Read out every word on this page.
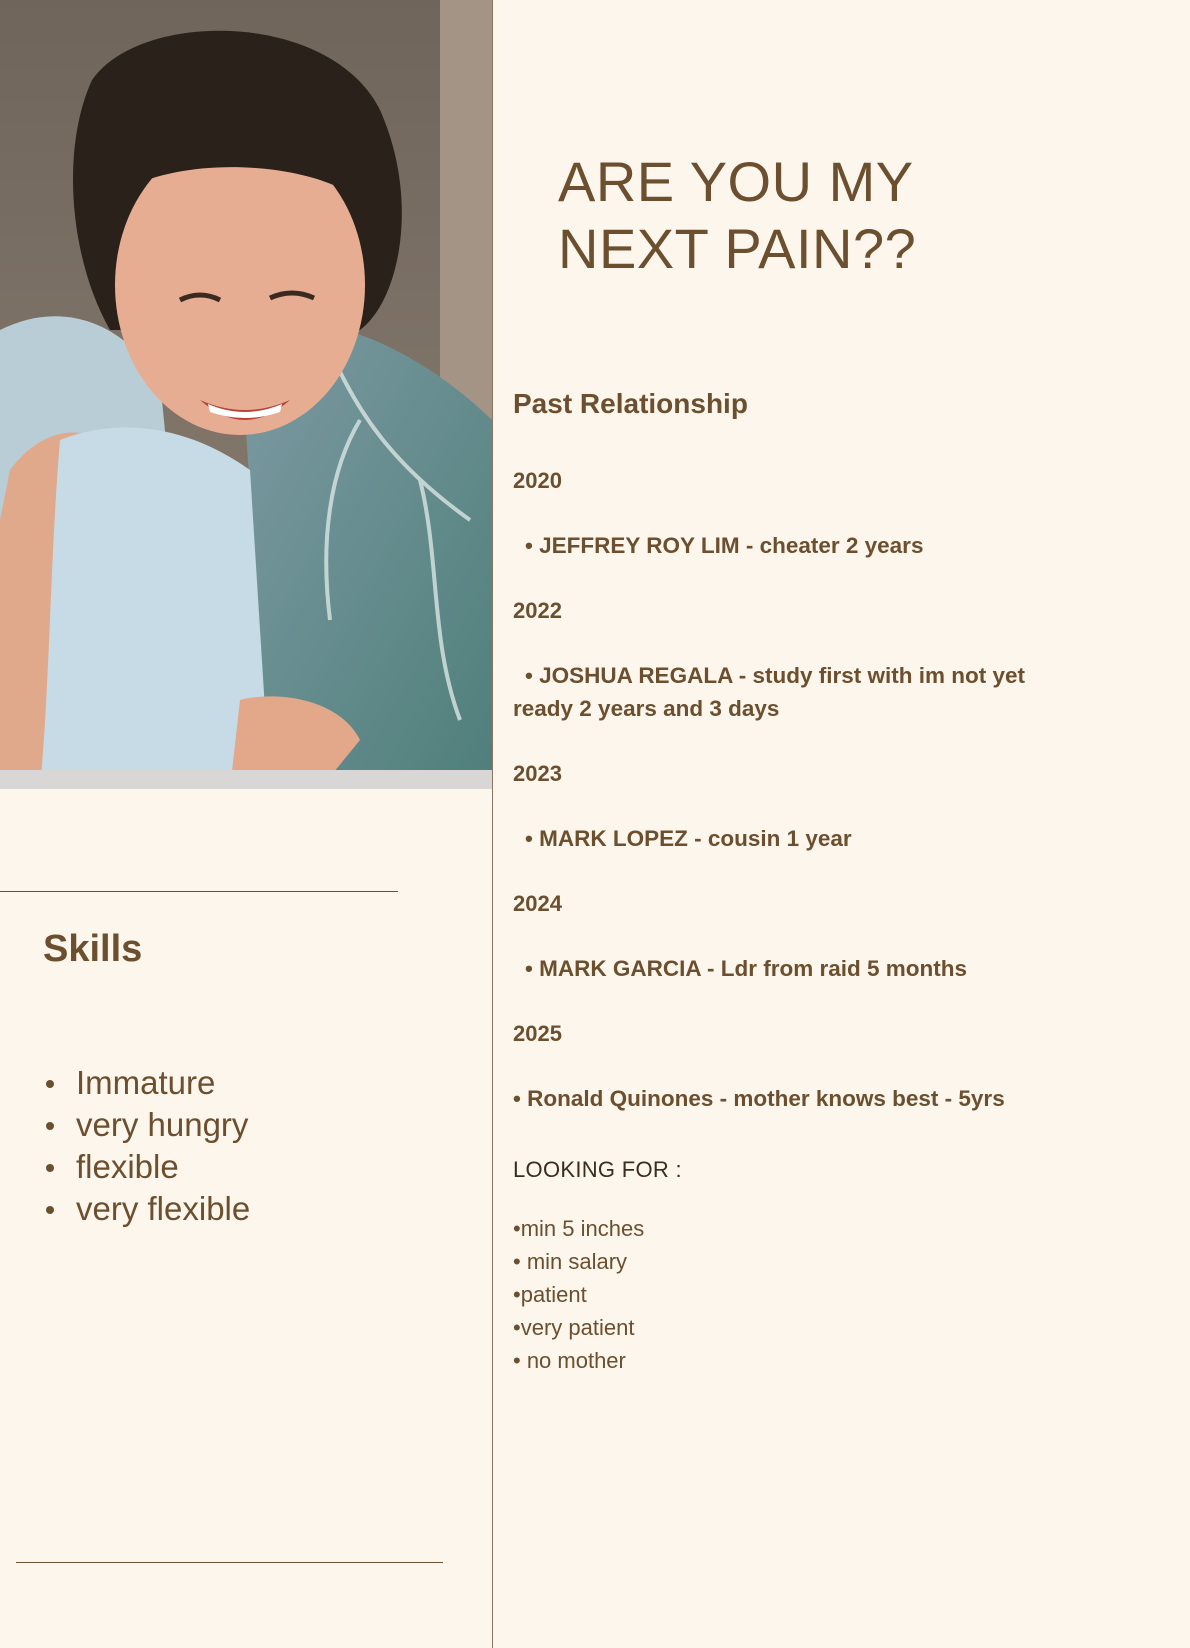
ARE YOU MY
NEXT PAIN??
Skills
Immature
very hungry
flexible
very flexible
Past Relationship
2020
• JEFFREY ROY LIM - cheater 2 years
2022
• JOSHUA REGALA - study first with im not yet ready 2 years and 3 days
2023
• MARK LOPEZ - cousin 1 year
2024
• MARK GARCIA - Ldr from raid 5 months
2025
• Ronald Quinones - mother knows best - 5yrs
LOOKING FOR :
•min 5 inches
• min salary
•patient
•very patient
• no mother
